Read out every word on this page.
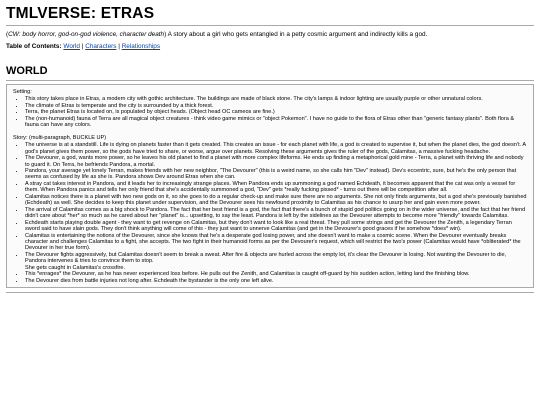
TMLVERSE: ETRAS

(CW: body horror, god-on-god violence, character death) A story about a girl who gets entangled in a petty cosmic argument and indirectly kills a god.

Table of Contents: World | Characters | Relationships

WORLD

Setting:

• This story takes place in Etras, a modern city with gothic architecture. The buildings are made of black stone. The city's lamps & indoor lighting are usually purple or other unnatural colors.
• The climate of Etras is temperate and the city is surrounded by a thick forest.
• Terra, the planet Etras is located on, is populated by object heads. (Object head OC cameos are fine.)
• The (non-humanoid) fauna of Terra are all magical object creatures - think video game mimics or "object Pokemon". I have no guide to the flora of Etras other than "generic fantasy plants". Both flora & fauna can have any colors.

Story: (multi-paragraph, BUCKLE UP)

• The universe is at a standstill. Life is dying on planets faster than it gets created. This creates an issue - for each planet with life, a god is created to supervise it, but when the planet dies, the god doesn't. A god's planet gives them power, so the gods have tried to share, or worse, argue over planets. Resolving these arguments gives the ruler of the gods, Calamitas, a massive fucking headache.
• The Devourer, a god, wants more power, so he leaves his old planet to find a planet with more complex lifeforms. He ends up finding a metaphorical gold mine - Terra, a planet with thriving life and nobody to guard it. On Terra, he befriends Pandora, a mortal.
• Pandora, your average yet lonely Terran, makes friends with her new neighbor, "The Devourer" (this is a weird name, so she calls him "Dev" instead). Dev's eccentric, sure, but he's the only person that seems as confused by life as she is. Pandora shows Dev around Etras when she can.
• A stray cat takes interest in Pandora, and it leads her to increasingly strange places. When Pandora ends up summoning a god named Echdeath, it becomes apparent that the cat was only a vessel for them. When Pandora panics and tells her only friend that she's accidentally summoned a god, "Dev" gets *really fucking pissed* - turns out there will be competition after all.
• Calamitas notices there is a planet with two new gods on it, so she goes to do a regular check-up and make sure there are no arguments. She not only finds arguments, but a god she's previously banished (Echdeath) as well. She decides to keep this planet under supervision, and the Devourer sees his newfound proximity to Calamitas as his chance to usurp her and gain even more power.
• The arrival of Calamitas comes as a big shock to Pandora. The fact that her best friend is a god, the fact that there's a bunch of stupid god politics going on in the wider universe, and the fact that her friend didn't care about *her* so much as he cared about her "planet" is... upsetting, to say the least. Pandora is left by the sidelines as the Devourer attempts to become more "friendly" towards Calamitas.
• Echdeath starts playing double agent - they want to get revenge on Calamitas, but they don't want to look like a real threat. They pull some strings and get the Devourer the Zenith, a legendary Terran sword said to have slain gods. They don't think anything will come of this - they just want to unnerve Calamitas (and get in the Devourer's good graces if he somehow *does* win).
• Calamitas is entertaining the notions of the Devourer, since she knows that he's a desperate god losing power, and she doesn't want to make a cosmic scene. When the Devourer eventually breaks character and challenges Calamitas to a fight, she accepts. The two fight in their humanoid forms as per the Devourer's request, which will restrict the two's power (Calamitas would have *obliterated* the Devourer in her true form).
• The Devourer fights aggressively, but Calamitas doesn't seem to break a sweat. After fire & objects are hurled across the empty lot, it's clear the Devourer is losing. Not wanting the Devourer to die, Pandora intervenes & tries to convince them to stop.
She gets caught in Calamitas's crossfire.
• This *enrages* the Devourer, as he has never experienced loss before. He pulls out the Zenith, and Calamitas is caught off-guard by his sudden action, letting land the finishing blow.
• The Devourer dies from battle injuries not long after. Echdeath the bystander is the only one left alive.
